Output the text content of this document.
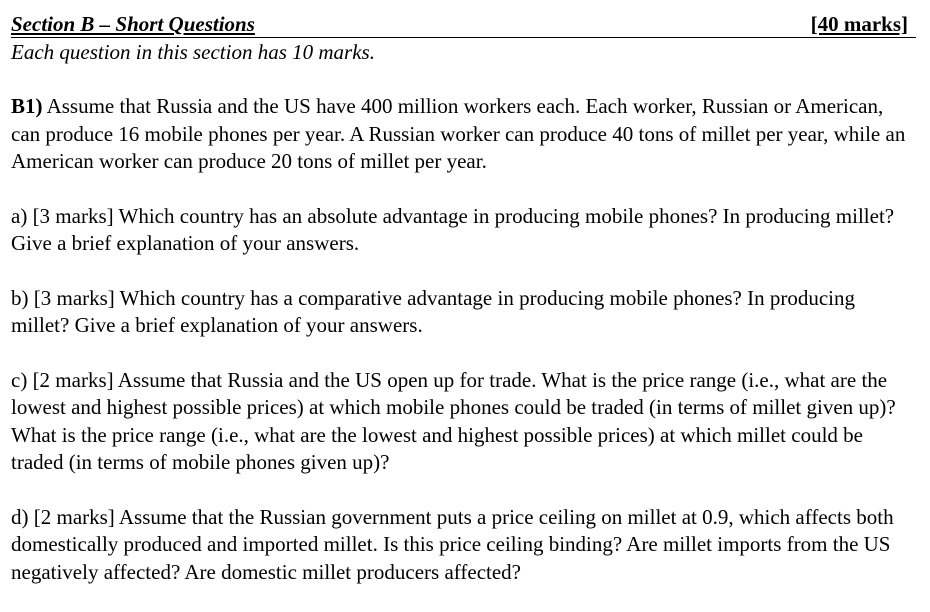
Section B – Short Questions	[40 marks]
Each question in this section has 10 marks.
B1) Assume that Russia and the US have 400 million workers each. Each worker, Russian or American, can produce 16 mobile phones per year. A Russian worker can produce 40 tons of millet per year, while an American worker can produce 20 tons of millet per year.
a) [3 marks] Which country has an absolute advantage in producing mobile phones? In producing millet? Give a brief explanation of your answers.
b) [3 marks] Which country has a comparative advantage in producing mobile phones? In producing millet? Give a brief explanation of your answers.
c) [2 marks] Assume that Russia and the US open up for trade. What is the price range (i.e., what are the lowest and highest possible prices) at which mobile phones could be traded (in terms of millet given up)? What is the price range (i.e., what are the lowest and highest possible prices) at which millet could be traded (in terms of mobile phones given up)?
d) [2 marks] Assume that the Russian government puts a price ceiling on millet at 0.9, which affects both domestically produced and imported millet. Is this price ceiling binding? Are millet imports from the US negatively affected? Are domestic millet producers affected?
